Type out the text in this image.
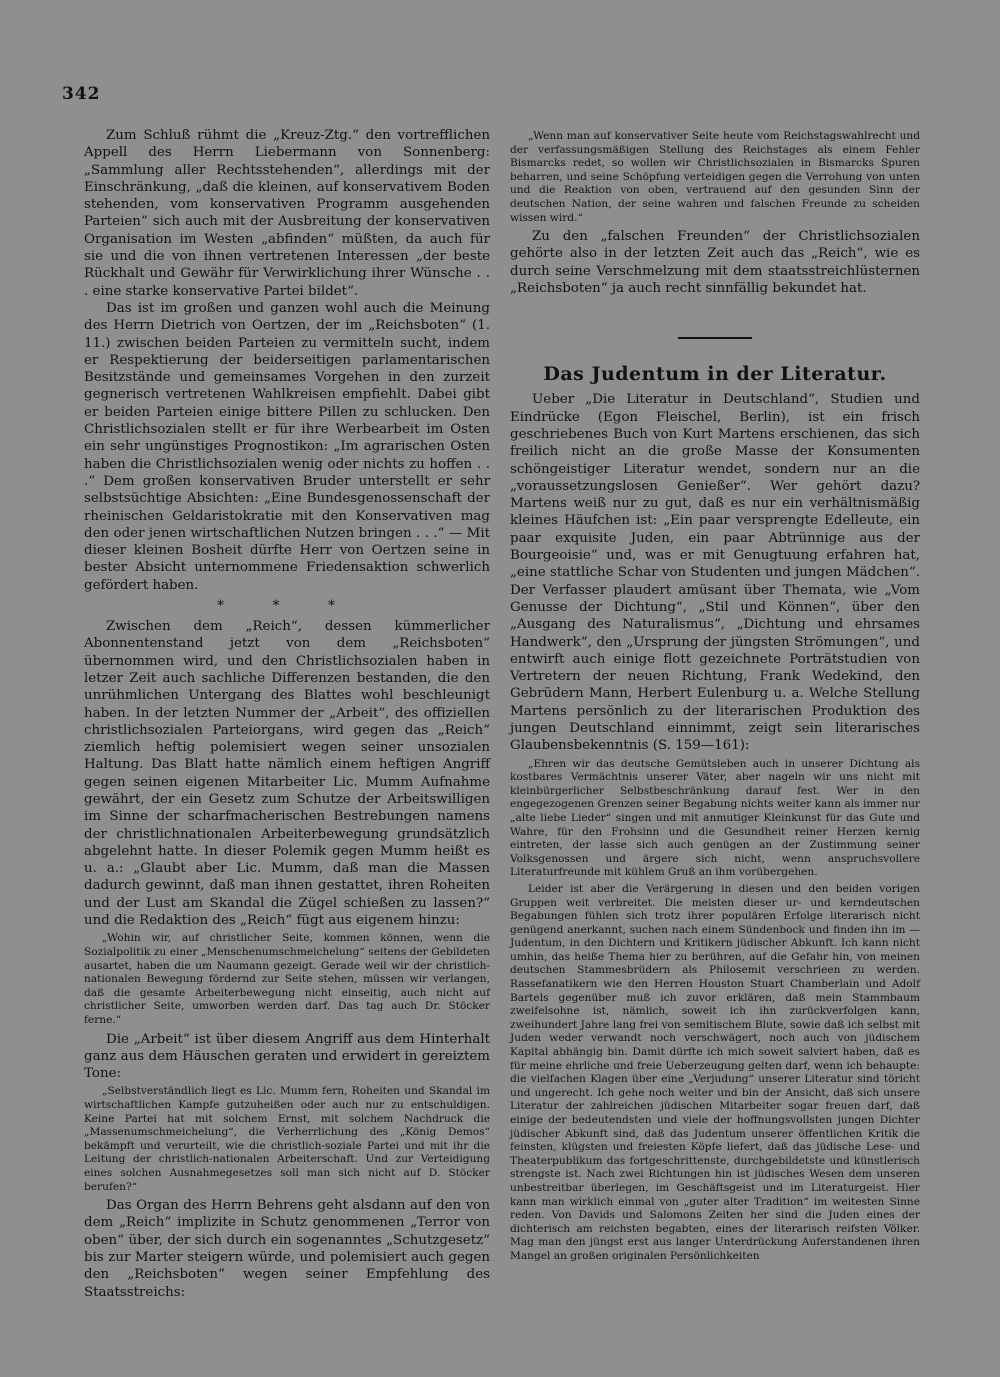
342

Zum Schluß rühmt die „Kreuz-Ztg.“ den vortrefflichen Appell des Herrn Liebermann von Sonnenberg: „Sammlung aller Rechtsstehenden“, allerdings mit der Einschränkung, „daß die kleinen, auf konservativem Boden stehenden, vom konservativen Programm ausgehenden Parteien“ sich auch mit der Ausbreitung der konservativen Organisation im Westen „abfinden“ müßten, da auch für sie und die von ihnen vertretenen Interessen „der beste Rückhalt und Gewähr für Verwirklichung ihrer Wünsche . . . eine starke konservative Partei bildet“.

Das ist im großen und ganzen wohl auch die Meinung des Herrn Dietrich von Oertzen, der im „Reichsboten“ (1. 11.) zwischen beiden Parteien zu vermitteln sucht, indem er Respektierung der beiderseitigen parlamentarischen Besitzstände und gemeinsames Vorgehen in den zurzeit gegnerisch vertretenen Wahlkreisen empfiehlt. Dabei gibt er beiden Parteien einige bittere Pillen zu schlucken. Den Christlichsozialen stellt er für ihre Werbearbeit im Osten ein sehr ungünstiges Prognostikon: „Im agrarischen Osten haben die Christlichsozialen wenig oder nichts zu hoffen . . .“ Dem großen konservativen Bruder unterstellt er sehr selbstsüchtige Absichten: „Eine Bundesgenossenschaft der rheinischen Geldaristokratie mit den Konservativen mag den oder jenen wirtschaftlichen Nutzen bringen . . .“ — Mit dieser kleinen Bosheit dürfte Herr von Oertzen seine in bester Absicht unternommene Friedensaktion schwerlich gefördert haben.

* * *

Zwischen dem „Reich“, dessen kümmerlicher Abonnentenstand jetzt von dem „Reichsboten“ übernommen wird, und den Christlichsozialen haben in letzer Zeit auch sachliche Differenzen bestanden, die den unrühmlichen Untergang des Blattes wohl beschleunigt haben. In der letzten Nummer der „Arbeit“, des offiziellen christlichsozialen Parteiorgans, wird gegen das „Reich“ ziemlich heftig polemisiert wegen seiner unsozialen Haltung. Das Blatt hatte nämlich einem heftigen Angriff gegen seinen eigenen Mitarbeiter Lic. Mumm Aufnahme gewährt, der ein Gesetz zum Schutze der Arbeitswilligen im Sinne der scharfmacherischen Bestrebungen namens der christlichnationalen Arbeiterbewegung grundsätzlich abgelehnt hatte. In dieser Polemik gegen Mumm heißt es u. a.: „Glaubt aber Lic. Mumm, daß man die Massen dadurch gewinnt, daß man ihnen gestattet, ihren Roheiten und der Lust am Skandal die Zügel schießen zu lassen?“ und die Redaktion des „Reich“ fügt aus eigenem hinzu:

„Wohin wir, auf christlicher Seite, kommen können, wenn die Sozialpolitik zu einer „Menschenumschmeichelung“ seitens der Gebildeten ausartet, haben die um Naumann gezeigt. Gerade weil wir der christlich-nationalen Bewegung fördernd zur Seite stehen, müssen wir verlangen, daß die gesamte Arbeiterbewegung nicht einseitig, auch nicht auf christlicher Seite, umworben werden darf. Das tag auch Dr. Stöcker ferne.“

Die „Arbeit“ ist über diesem Angriff aus dem Hinterhalt ganz aus dem Häuschen geraten und erwidert in gereiztem Tone:

„Selbstverständlich liegt es Lic. Mumm fern, Roheiten und Skandal im wirtschaftlichen Kampfe gutzuheißen oder auch nur zu entschuldigen. Keine Partei hat mit solchem Ernst, mit solchem Nachdruck die „Massenumschmeichelung“, die Verherrlichung des „König Demos“ bekämpft und verurteilt, wie die christlich-soziale Partei und mit ihr die Leitung der christlich-nationalen Arbeiterschaft. Und zur Verteidigung eines solchen Ausnahmegesetzes soll man sich nicht auf D. Stöcker berufen?“

Das Organ des Herrn Behrens geht alsdann auf den von dem „Reich“ implizite in Schutz genommenen „Terror von oben“ über, der sich durch ein sogenanntes „Schutzgesetz“ bis zur Marter steigern würde, und polemisiert auch gegen den „Reichsboten“ wegen seiner Empfehlung des Staatsstreichs:

„Wenn man auf konservativer Seite heute vom Reichstagswahlrecht und der verfassungsmäßigen Stellung des Reichstages als einem Fehler Bismarcks redet, so wollen wir Christlichsozialen in Bismarcks Spuren beharren, und seine Schöpfung verteidigen gegen die Verrohung von unten und die Reaktion von oben, vertrauend auf den gesunden Sinn der deutschen Nation, der seine wahren und falschen Freunde zu scheiden wissen wird.“

Zu den „falschen Freunden“ der Christlichsozialen gehörte also in der letzten Zeit auch das „Reich“, wie es durch seine Verschmelzung mit dem staatsstreichlüsternen „Reichsboten“ ja auch recht sinnfällig bekundet hat.

Das Judentum in der Literatur.

Ueber „Die Literatur in Deutschland“, Studien und Eindrücke (Egon Fleischel, Berlin), ist ein frisch geschriebenes Buch von Kurt Martens erschienen, das sich freilich nicht an die große Masse der Konsumenten schöngeistiger Literatur wendet, sondern nur an die „voraussetzungslosen Genießer“. Wer gehört dazu? Martens weiß nur zu gut, daß es nur ein verhältnismäßig kleines Häufchen ist: „Ein paar versprengte Edelleute, ein paar exquisite Juden, ein paar Abtrünnige aus der Bourgeoisie“ und, was er mit Genugtuung erfahren hat, „eine stattliche Schar von Studenten und jungen Mädchen“. Der Verfasser plaudert amüsant über Themata, wie „Vom Genusse der Dichtung“, „Stil und Können“, über den „Ausgang des Naturalismus“, „Dichtung und ehrsames Handwerk“, den „Ursprung der jüngsten Strömungen“, und entwirft auch einige flott gezeichnete Porträtstudien von Vertretern der neuen Richtung, Frank Wedekind, den Gebrüdern Mann, Herbert Eulenburg u. a. Welche Stellung Martens persönlich zu der literarischen Produktion des jungen Deutschland einnimmt, zeigt sein literarisches Glaubensbekenntnis (S. 159—161):

„Ehren wir das deutsche Gemütsleben auch in unserer Dichtung als kostbares Vermächtnis unserer Väter, aber nageln wir uns nicht mit kleinbürgerlicher Selbstbeschränkung darauf fest. Wer in den engegezogenen Grenzen seiner Begabung nichts weiter kann als immer nur „alte liebe Lieder“ singen und mit anmutiger Kleinkunst für das Gute und Wahre, für den Frohsinn und die Gesundheit reiner Herzen kernig eintreten, der lasse sich auch genügen an der Zustimmung seiner Volksgenossen und ärgere sich nicht, wenn anspruchsvollere Literaturfreunde mit kühlem Gruß an ihm vorübergehen.

Leider ist aber die Verärgerung in diesen und den beiden vorigen Gruppen weit verbreitet. Die meisten dieser ur- und kerndeutschen Begabungen fühlen sich trotz ihrer populären Erfolge literarisch nicht genügend anerkannt, suchen nach einem Sündenbock und finden ihn im — Judentum, in den Dichtern und Kritikern jüdischer Abkunft. Ich kann nicht umhin, das heiße Thema hier zu berühren, auf die Gefahr hin, von meinen deutschen Stammesbrüdern als Philosemit verschrieen zu werden. Rassefanatikern wie den Herren Houston Stuart Chamberlain und Adolf Bartels gegenüber muß ich zuvor erklären, daß mein Stammbaum zweifelsohne ist, nämlich, soweit ich ihn zurückverfolgen kann, zweihundert Jahre lang frei von semitischem Blute, sowie daß ich selbst mit Juden weder verwandt noch verschwägert, noch auch von jüdischem Kapital abhängig bin. Damit dürfte ich mich soweit salviert haben, daß es für meine ehrliche und freie Ueberzeugung gelten darf, wenn ich behaupte: die vielfachen Klagen über eine „Verjudung“ unserer Literatur sind töricht und ungerecht. Ich gehe noch weiter und bin der Ansicht, daß sich unsere Literatur der zahlreichen jüdischen Mitarbeiter sogar freuen darf, daß einige der bedeutendsten und viele der hoffnungsvollsten jungen Dichter jüdischer Abkunft sind, daß das Judentum unserer öffentlichen Kritik die feinsten, klügsten und freiesten Köpfe liefert, daß das jüdische Lese- und Theaterpublikum das fortgeschrittenste, durchgebildetste und künstlerisch strengste ist. Nach zwei Richtungen hin ist jüdisches Wesen dem unseren unbestreitbar überlegen, im Geschäftsgeist und im Literaturgeist. Hier kann man wirklich einmal von „guter alter Tradition“ im weitesten Sinne reden. Von Davids und Salomons Zeiten her sind die Juden eines der dichterisch am reichsten begabten, eines der literarisch reifsten Völker. Mag man den jüngst erst aus langer Unterdrückung Auferstandenen ihren Mangel an großen originalen Persönlichkeiten
